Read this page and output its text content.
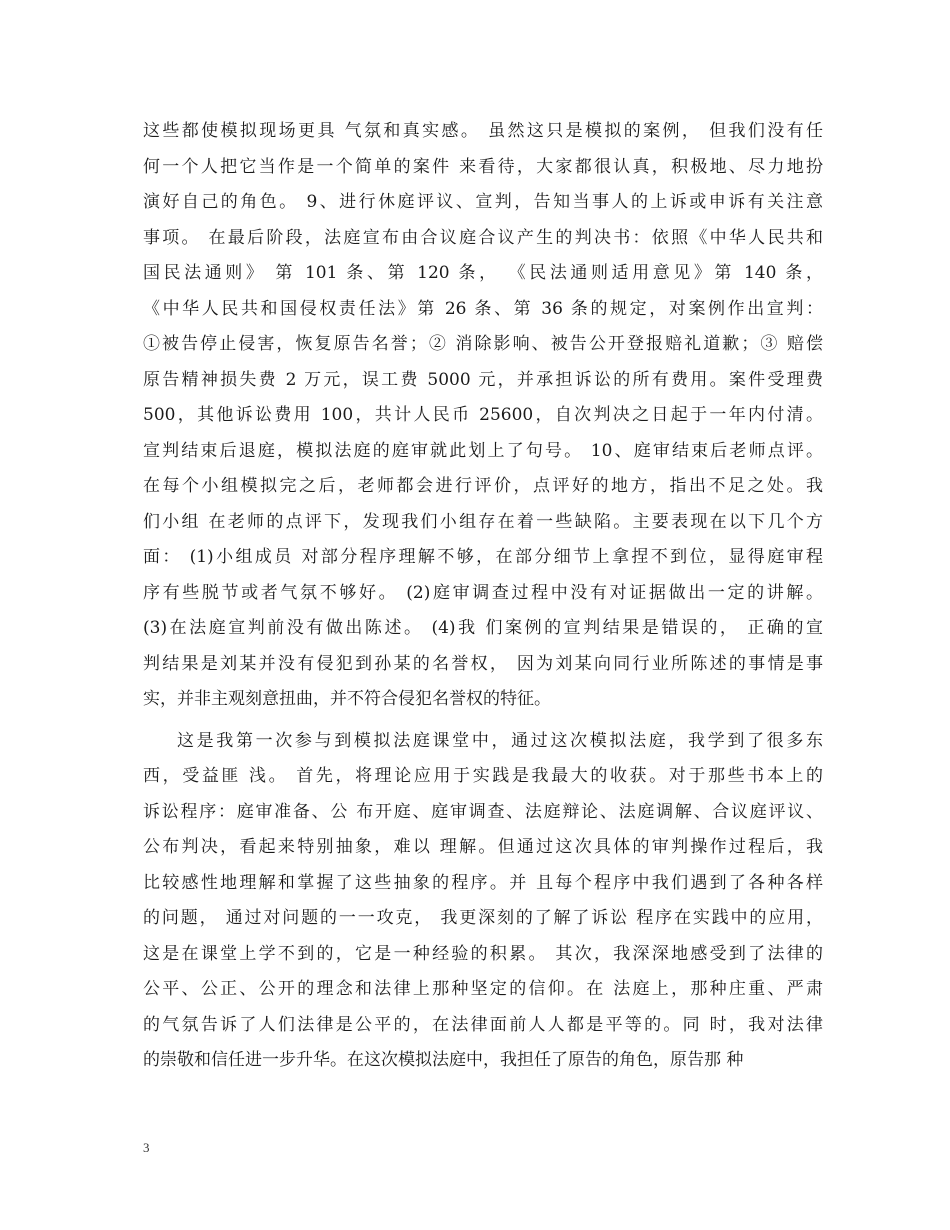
这些都使模拟现场更具 气氛和真实感。 虽然这只是模拟的案例， 但我们没有任
何一个人把它当作是一个简单的案件 来看待，大家都很认真，积极地、尽力地扮
演好自己的角色。 9、进行休庭评议、宣判，告知当事人的上诉或申诉有关注意
事项。 在最后阶段，法庭宣布由合议庭合议产生的判决书：依照《中华人民共和
国民法通则》 第 101 条、第 120 条， 《民法通则适用意见》第 140 条，
《中华人民共和国侵权责任法》第 26 条、第 36 条的规定，对案例作出宣判：
①被告停止侵害，恢复原告名誉；② 消除影响、被告公开登报赔礼道歉；③ 赔偿
原告精神损失费 2 万元，误工费 5000 元，并承担诉讼的所有费用。案件受理费
500，其他诉讼费用 100，共计人民币 25600，自次判决之日起于一年内付清。
宣判结束后退庭，模拟法庭的庭审就此划上了句号。 10、庭审结束后老师点评。
在每个小组模拟完之后，老师都会进行评价，点评好的地方，指出不足之处。我
们小组 在老师的点评下，发现我们小组存在着一些缺陷。主要表现在以下几个方
面： (1)小组成员 对部分程序理解不够，在部分细节上拿捏不到位，显得庭审程
序有些脱节或者气氛不够好。 (2)庭审调查过程中没有对证据做出一定的讲解。
(3)在法庭宣判前没有做出陈述。 (4)我 们案例的宣判结果是错误的， 正确的宣
判结果是刘某并没有侵犯到孙某的名誉权， 因为刘某向同行业所陈述的事情是事
实，并非主观刻意扭曲，并不符合侵犯名誉权的特征。
这是我第一次参与到模拟法庭课堂中，通过这次模拟法庭，我学到了很多东
西，受益匪 浅。 首先，将理论应用于实践是我最大的收获。对于那些书本上的
诉讼程序：庭审准备、公 布开庭、庭审调查、法庭辩论、法庭调解、合议庭评议、
公布判决，看起来特别抽象，难以 理解。但通过这次具体的审判操作过程后，我
比较感性地理解和掌握了这些抽象的程序。并 且每个程序中我们遇到了各种各样
的问题， 通过对问题的一一攻克， 我更深刻的了解了诉讼 程序在实践中的应用，
这是在课堂上学不到的，它是一种经验的积累。 其次，我深深地感受到了法律的
公平、公正、公开的理念和法律上那种坚定的信仰。在 法庭上，那种庄重、严肃
的气氛告诉了人们法律是公平的，在法律面前人人都是平等的。同 时，我对法律
的崇敬和信任进一步升华。在这次模拟法庭中，我担任了原告的角色，原告那 种
3
